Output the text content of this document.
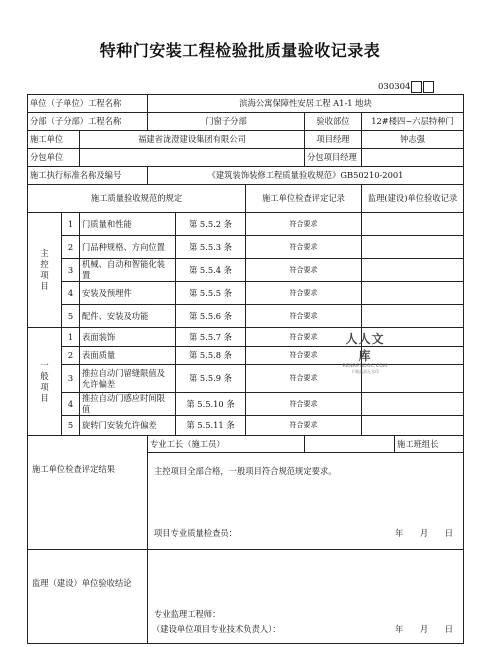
特种门安装工程检验批质量验收记录表
030304
单位（子单位）工程名称			滨海公寓保障性安居工程 A1-1 地块					
分部（子分部）工程名称			门窗子分部			验收部位	12#楼四~六层特种门	
施工单位		福建省泷澄建设集团有限公司				项目经理	钟志强	
分包单位						分包项目经理		
施工执行标准名称及编号			《建筑装饰装修工程质量验收规范》GB50210-2001					
施工质量验收规范的规定					施工单位检查评定记录		监理(建设)单位验收记录	
主
控
项
目	1	门质量和性能		第 5.5.2 条	符合要求			
	2	门品种规格、方向位置		第 5.5.3 条	符合要求			
	3	机械、自动和智能化装置		第 5.5.4 条	符合要求			
	4	安装及预埋件		第 5.5.5 条	符合要求			
	5	配件、安装及功能		第 5.5.6 条	符合要求			
一
般
项
目	1	表面装饰		第 5.5.7 条	符合要求			
	2	表面质量		第 5.5.8 条	符合要求			
	3	推拉自动门留缝限值及允许偏差		第 5.5.9 条	符合要求			
	4	推拉自动门感应时间限值		第 5.5.10 条	符合要求			
	5	旋转门安装允许偏差		第 5.5.11 条	符合要求			
施工单位检查评定结果			专业工长（施工员）					施工班组长

			主控项目全部合格，一般项目符合规范规定要求。
项目专业质量检查员： 年　　月　　日					

监理（建设）单位验收结论			专业监理工程师：
（建设单位项目专业技术负责人）： 年　　月　　日					
人人文库
RENRENDOC.COM
下载高清无水印
